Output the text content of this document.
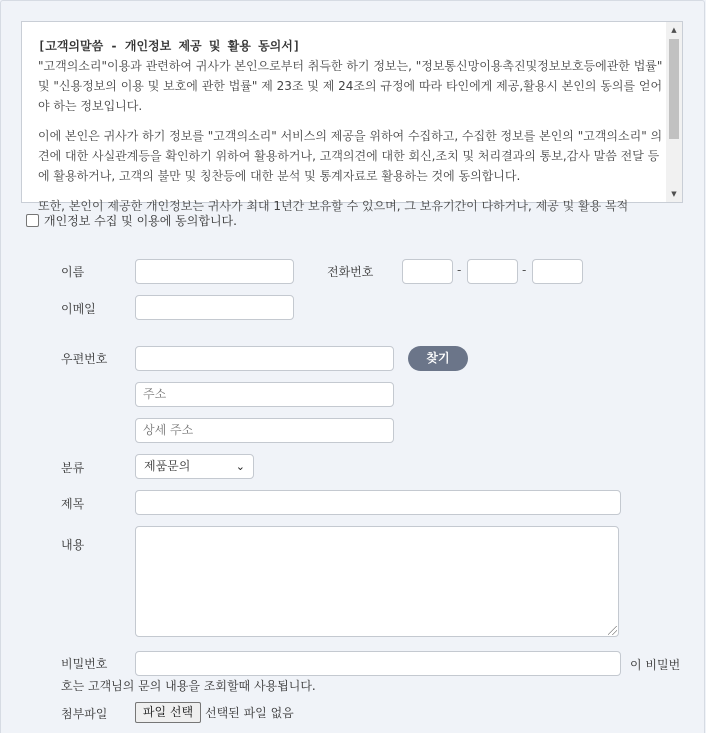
[고객의말씀 - 개인정보 제공 및 활용 동의서]

"고객의소리"이용과 관련하여 귀사가 본인으로부터 취득한 하기 정보는, "정보통신망이용촉진및정보보호등에관한 법률" 및 "신용정보의 이용 및 보호에 관한 법률" 제 23조 및 제 24조의 규정에 따라 타인에게 제공,활용시 본인의 동의를 얻어야 하는 정보입니다.

이에 본인은 귀사가 하기 정보를 "고객의소리" 서비스의 제공을 위하여 수집하고, 수집한 정보를 본인의 "고객의소리" 의견에 대한 사실관계등을 확인하기 위하여 활용하거나, 고객의견에 대한 회신,조치 및 처리결과의 통보,감사 말씀 전달 등에 활용하거나, 고객의 불만 및 칭찬등에 대한 분석 및 통계자료로 활용하는 것에 동의합니다.

또한, 본인이 제공한 개인정보는 귀사가 최대 1년간 보유할 수 있으며, 그 보유기간이 다하거나, 제공 및 활용 목적

▲
▼
개인정보 수집 및 이용에 동의합니다.
이름	전화번호	-	-
이메일
우편번호	찾기
주소
상세 주소
분류	제품문의	⌄
제목
내용
비밀번호	이 비밀번호는 고객님의 문의 내용을 조회할때 사용됩니다.
첨부파일	파일 선택 선택된 파일 없음
